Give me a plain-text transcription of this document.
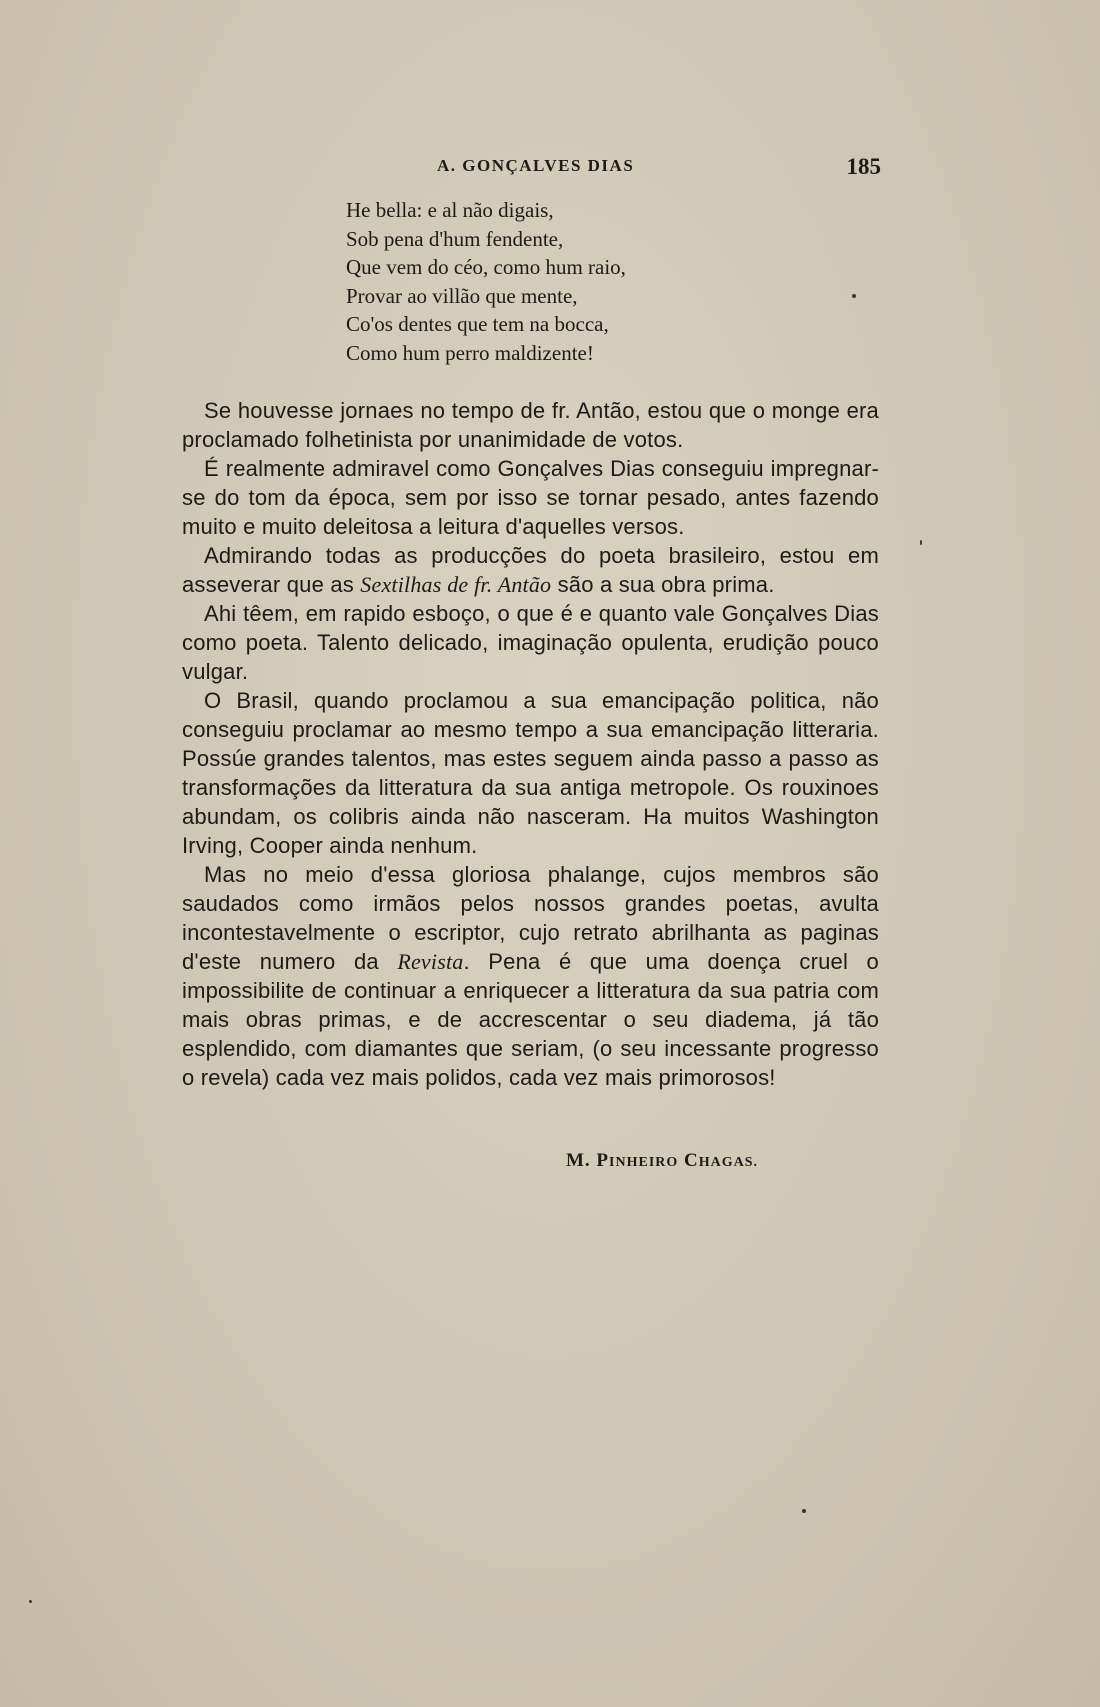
A. GONÇALVES DIAS	185
He bella: e al não digais,
Sob pena d'hum fendente,
Que vem do céo, como hum raio,
Provar ao villão que mente,
Co'os dentes que tem na bocca,
Como hum perro maldizente!

Se houvesse jornaes no tempo de fr. Antão, estou que o monge era proclamado folhetinista por unanimidade de votos.

É realmente admiravel como Gonçalves Dias conseguiu impregnar-se do tom da época, sem por isso se tornar pesado, antes fazendo muito e muito deleitosa a leitura d'aquelles versos.

Admirando todas as producções do poeta brasileiro, estou em asseverar que as Sextilhas de fr. Antão são a sua obra prima.

Ahi têem, em rapido esboço, o que é e quanto vale Gonçalves Dias como poeta. Talento delicado, imaginação opulenta, erudição pouco vulgar.

O Brasil, quando proclamou a sua emancipação politica, não conseguiu proclamar ao mesmo tempo a sua emancipação litteraria. Possúe grandes talentos, mas estes seguem ainda passo a passo as transformações da litteratura da sua antiga metropole. Os rouxinoes abundam, os colibris ainda não nasceram. Ha muitos Washington Irving, Cooper ainda nenhum.

Mas no meio d'essa gloriosa phalange, cujos membros são saudados como irmãos pelos nossos grandes poetas, avulta incontestavelmente o escriptor, cujo retrato abrilhanta as paginas d'este numero da Revista. Pena é que uma doença cruel o impossibilite de continuar a enriquecer a litteratura da sua patria com mais obras primas, e de accrescentar o seu diadema, já tão esplendido, com diamantes que seriam, (o seu incessante progresso o revela) cada vez mais polidos, cada vez mais primorosos!

M. PINHEIRO CHAGAS.
